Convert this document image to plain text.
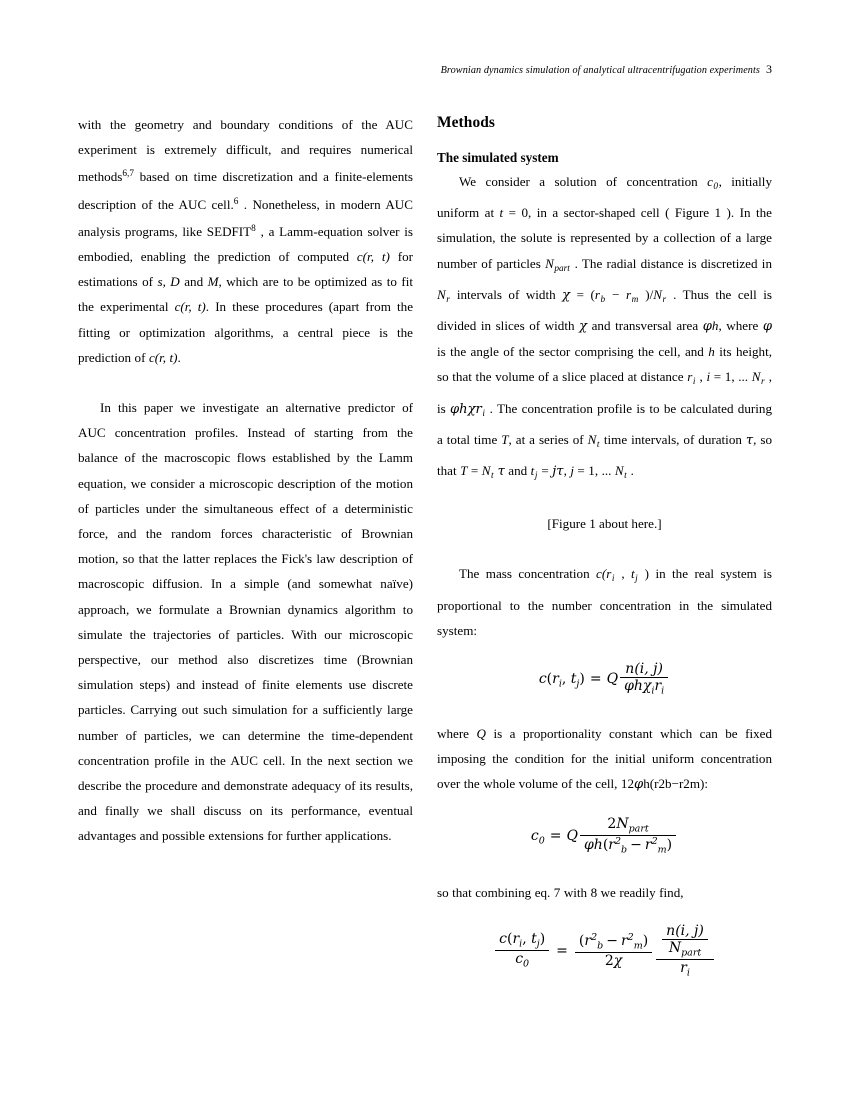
Brownian dynamics simulation of analytical ultracentrifugation experiments 3

with the geometry and boundary conditions of the AUC experiment is extremely difficult, and requires numerical methods$^{6,7}$ based on time discretization and a finite-elements description of the AUC cell.$^6$ . Nonetheless, in modern AUC analysis programs, like SEDFIT$^8$ , a Lamm-equation solver is embodied, enabling the prediction of computed c(r, t) for estimations of s, D and M, which are to be optimized as to fit the experimental c(r, t). In these procedures (apart from the fitting or optimization algorithms, a central piece is the prediction of c(r, t).

In this paper we investigate an alternative predictor of AUC concentration profiles. Instead of starting from the balance of the macroscopic flows established by the Lamm equation, we consider a microscopic description of the motion of particles under the simultaneous effect of a deterministic force, and the random forces characteristic of Brownian motion, so that the latter replaces the Fick's law description of macroscopic diffusion. In a simple (and somewhat naïve) approach, we formulate a Brownian dynamics algorithm to simulate the trajectories of particles. With our microscopic perspective, our method also discretizes time (Brownian simulation steps) and instead of finite elements use discrete particles. Carrying out such simulation for a sufficiently large number of particles, we can determine the time-dependent concentration profile in the AUC cell. In the next section we describe the procedure and demonstrate adequacy of its results, and finally we shall discuss on its performance, eventual advantages and possible extensions for further applications.

Methods
The simulated system

We consider a solution of concentration $c_0$, initially uniform at t = 0, in a sector-shaped cell ( Figure 1 ). In the simulation, the solute is represented by a collection of a large number of particles $N_{part}$ . The radial distance is discretized in $N_r$ intervals of width $\chi = (r_b - r_m$ )$/N_r$ . Thus the cell is divided in slices of width χ and transversal area φh, where φ is the angle of the sector comprising the cell, and h its height, so that the volume of a slice placed at distance $r_i$ , i = 1, ... $N_r$ , is φhχr$_i$ . The concentration profile is to be calculated during a total time T, at a series of $N_t$ time intervals, of duration τ, so that $T = N_t$ τ and $t_j = j\tau$, j = 1, ... $N_t$ .

[Figure 1 about here.]

The mass concentration $c(r_i$ , $t_j$ ) in the real system is proportional to the number concentration in the simulated system:

$c(r_i$, $t_j) = Q \frac{n(i, j)}{\varphi h\chi_ir_i}$

where Q is a proportionality constant which can be fixed imposing the condition for the initial uniform concentration over the whole volume of the cell, 12φh(r2b−r2m):

$c_0 = Q \frac{2N_{part}}{\varphi h(r^2_b - r^2_m)}$

so that combining eq. 7 with 8 we readily find,

$\frac{c(r_i, t_j)}{c_0} = \frac{(r^2_b - r^2_m)}{2\chi} \frac{\frac{n(i, j)}{N_{part}}}{r_i}$
